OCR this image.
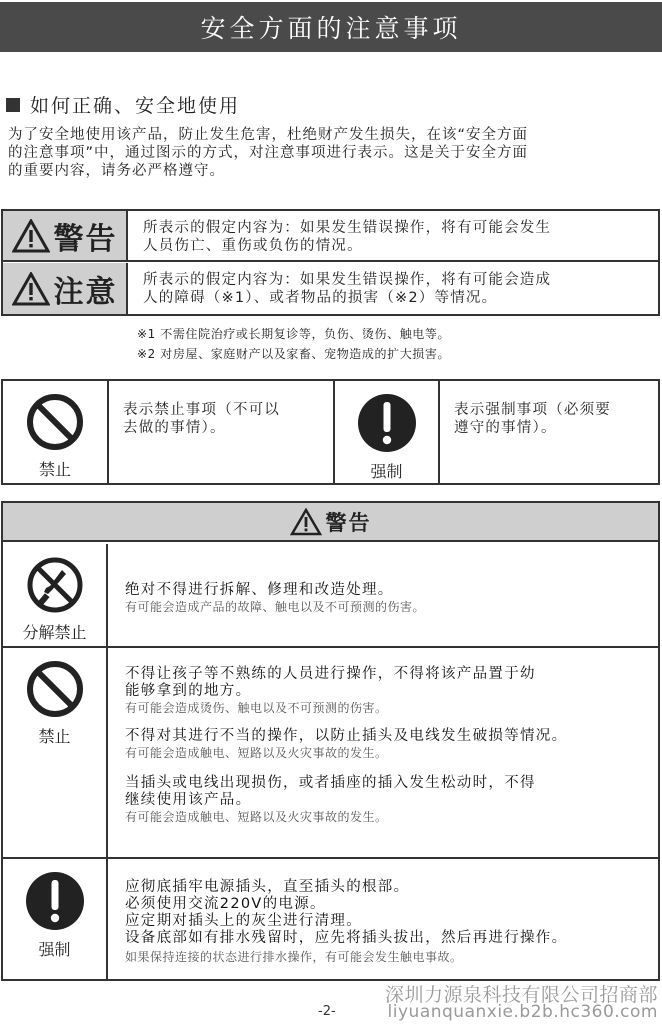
安全方面的注意事项
如何正确、安全地使用
为了安全地使用该产品，防止发生危害，杜绝财产发生损失，在该“安全方面
的注意事项”中，通过图示的方式，对注意事项进行表示。这是关于安全方面
的重要内容，请务必严格遵守。
警告 所表示的假定内容为：如果发生错误操作，将有可能会发生
人员伤亡、重伤或负伤的情况。
注意 所表示的假定内容为：如果发生错误操作，将有可能会造成
人的障碍（※1）、或者物品的损害（※2）等情况。
※1 不需住院治疗或长期复诊等，负伤、烫伤、触电等。
※2 对房屋、家庭财产以及家畜、宠物造成的扩大损害。
禁止
表示禁止事项（不可以
去做的事情）。
强制
表示强制事项（必须要
遵守的事情）。
警告
分解禁止
绝对不得进行拆解、修理和改造处理。
有可能会造成产品的故障、触电以及不可预测的伤害。
禁止
不得让孩子等不熟练的人员进行操作，不得将该产品置于幼
能够拿到的地方。
有可能会造成烫伤、触电以及不可预测的伤害。
不得对其进行不当的操作，以防止插头及电线发生破损等情况。
有可能会造成触电、短路以及火灾事故的发生。
当插头或电线出现损伤，或者插座的插入发生松动时，不得
继续使用该产品。
有可能会造成触电、短路以及火灾事故的发生。
强制
应彻底插牢电源插头，直至插头的根部。
必须使用交流220V的电源。
应定期对插头上的灰尘进行清理。
设备底部如有排水残留时，应先将插头拔出，然后再进行操作。
如果保持连接的状态进行排水操作，有可能会发生触电事故。
深圳力源泉科技有限公司招商部
liyuanquanxie.b2b.hc360.com
-2-
